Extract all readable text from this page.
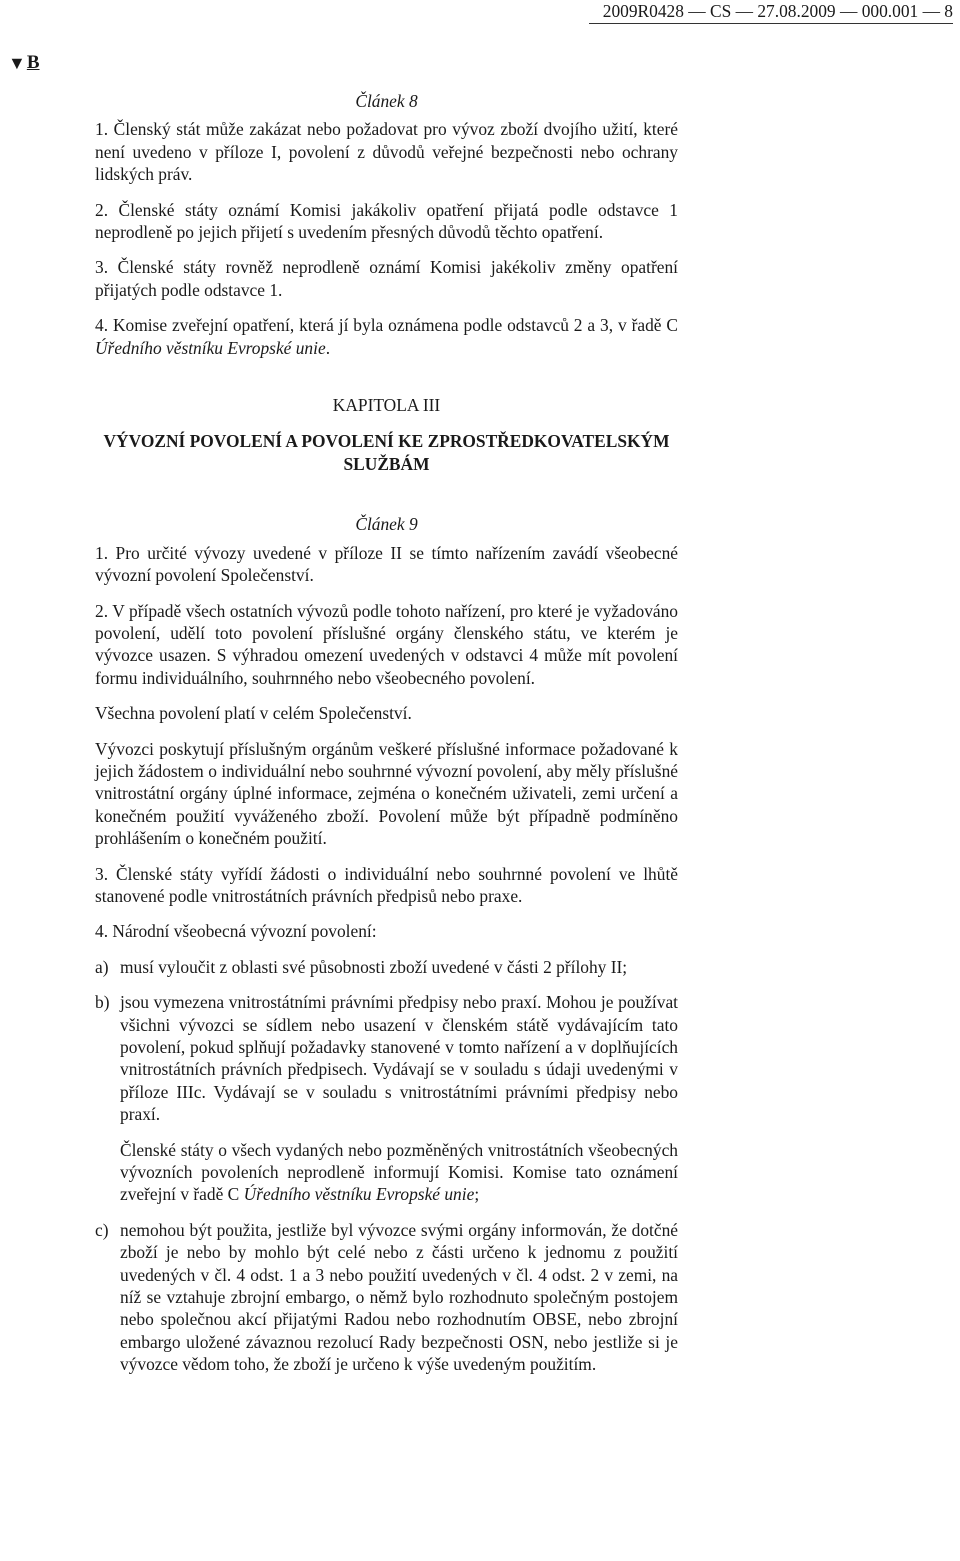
2009R0428 — CS — 27.08.2009 — 000.001 — 8
▼ B
Článek 8

1. Členský stát může zakázat nebo požadovat pro vývoz zboží dvojího užití, které není uvedeno v příloze I, povolení z důvodů veřejné bezpečnosti nebo ochrany lidských práv.

2. Členské státy oznámí Komisi jakákoliv opatření přijatá podle odstavce 1 neprodleně po jejich přijetí s uvedením přesných důvodů těchto opatření.

3. Členské státy rovněž neprodleně oznámí Komisi jakékoliv změny opatření přijatých podle odstavce 1.

4. Komise zveřejní opatření, která jí byla oznámena podle odstavců 2 a 3, v řadě C Úředního věstníku Evropské unie.

KAPITOLA III
VÝVOZNÍ POVOLENÍ A POVOLENÍ KE ZPROSTŘEDKOVATELSKÝM SLUŽBÁM
Článek 9

1. Pro určité vývozy uvedené v příloze II se tímto nařízením zavádí všeobecné vývozní povolení Společenství.

2. V případě všech ostatních vývozů podle tohoto nařízení, pro které je vyžadováno povolení, udělí toto povolení příslušné orgány členského státu, ve kterém je vývozce usazen. S výhradou omezení uvedených v odstavci 4 může mít povolení formu individuálního, souhrnného nebo všeobecného povolení.

Všechna povolení platí v celém Společenství.

Vývozci poskytují příslušným orgánům veškeré příslušné informace požadované k jejich žádostem o individuální nebo souhrnné vývozní povolení, aby měly příslušné vnitrostátní orgány úplné informace, zejména o konečném uživateli, zemi určení a konečném použití vyváženého zboží. Povolení může být případně podmíněno prohlášením o konečném použití.

3. Členské státy vyřídí žádosti o individuální nebo souhrnné povolení ve lhůtě stanovené podle vnitrostátních právních předpisů nebo praxe.

4. Národní všeobecná vývozní povolení:

a) musí vyloučit z oblasti své působnosti zboží uvedené v části 2 přílohy II;
b) jsou vymezena vnitrostátními právními předpisy nebo praxí. Mohou je používat všichni vývozci se sídlem nebo usazení v členském státě vydávajícím tato povolení, pokud splňují požadavky stanovené v tomto nařízení a v doplňujících vnitrostátních právních předpisech. Vydávají se v souladu s údaji uvedenými v příloze IIIc. Vydávají se v souladu s vnitrostátními právními předpisy nebo praxí.

Členské státy o všech vydaných nebo pozměněných vnitrostátních všeobecných vývozních povoleních neprodleně informují Komisi. Komise tato oznámení zveřejní v řadě C Úředního věstníku Evropské unie;

c) nemohou být použita, jestliže byl vývozce svými orgány informován, že dotčné zboží je nebo by mohlo být celé nebo z části určeno k jednomu z použití uvedených v čl. 4 odst. 1 a 3 nebo použití uvedených v čl. 4 odst. 2 v zemi, na níž se vztahuje zbrojní embargo, o němž bylo rozhodnuto společným postojem nebo společnou akcí přijatými Radou nebo rozhodnutím OBSE, nebo zbrojní embargo uložené závaznou rezolucí Rady bezpečnosti OSN, nebo jestliže si je vývozce vědom toho, že zboží je určeno k výše uvedeným použitím.
